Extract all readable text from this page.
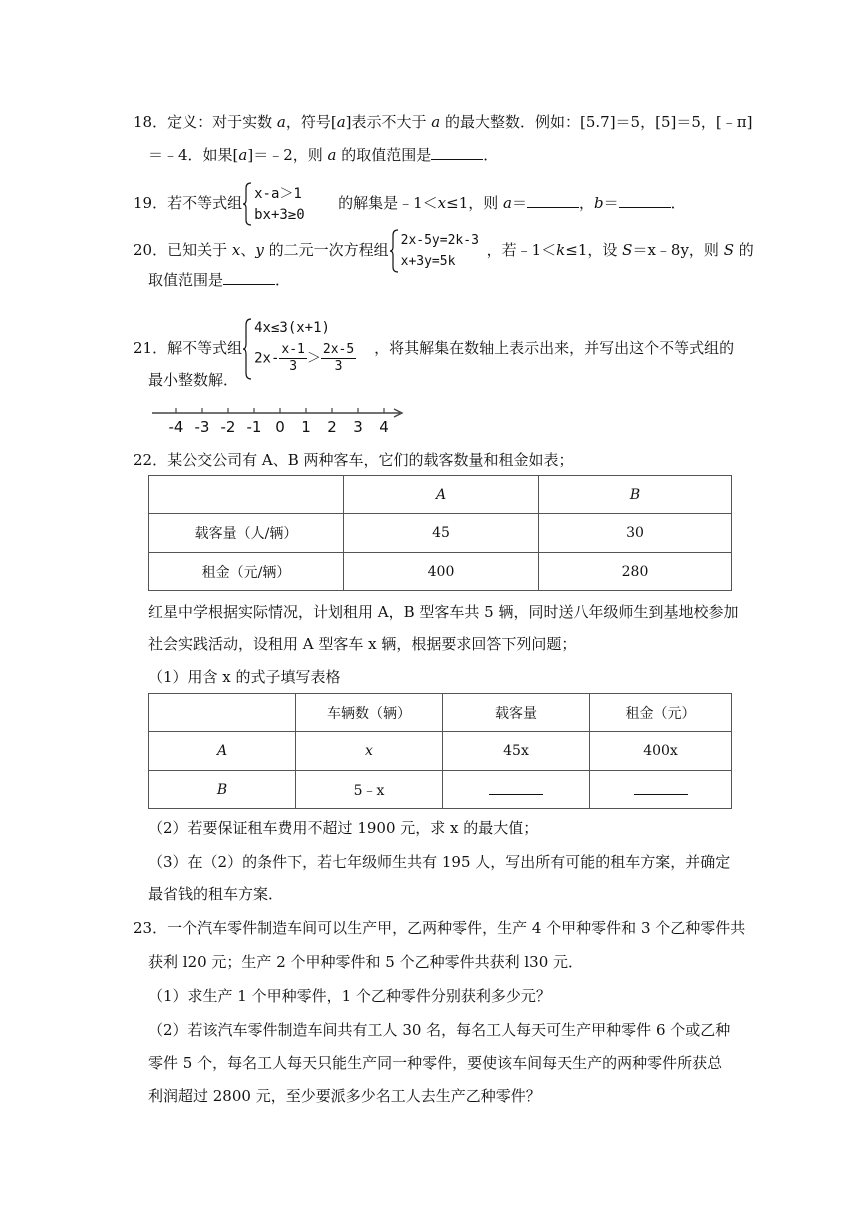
18．定义：对于实数 a，符号[a]表示不大于 a 的最大整数．例如：[5.7]＝5，[5]＝5，[﹣π]
＝﹣4．如果[a]＝﹣2，则 a 的取值范围是	．
19．若不等式组 x-a＞1
bx+3≥0
的解集是﹣1＜x≤1，则 a＝	，b＝	．
20．已知关于 x、y 的二元一次方程组
2x-5y=2k-3
x+3y=5k
，若﹣1＜k≤1，设 S＝x﹣8y，则 S 的
取值范围是	．
21．解不等式组
4x≤3(x+1)
$2x- \frac{x-1}{3} > \frac{2x-5}{3}$ ，将其解集在数轴上表示出来，并写出这个不等式组的
最小整数解．
-4 -3 -2 -1 0 1 2 3 4
22．某公交公司有 A、B 两种客车，它们的载客数量和租金如表；
	A	B
载客量（人/辆）	45	30
租金（元/辆）	400	280
红星中学根据实际情况，计划租用 A，B 型客车共 5 辆，同时送八年级师生到基地校参加
社会实践活动，设租用 A 型客车 x 辆，根据要求回答下列问题；
（1）用含 x 的式子填写表格
	车辆数（辆）	载客量	租金（元）
A	x	45x	400x
B	5﹣x		
（2）若要保证租车费用不超过 1900 元，求 x 的最大值；
（3）在（2）的条件下，若七年级师生共有 195 人，写出所有可能的租车方案，并确定
最省钱的租车方案．
23．一个汽车零件制造车间可以生产甲，乙两种零件，生产 4 个甲种零件和 3 个乙种零件共
获利 l20 元；生产 2 个甲种零件和 5 个乙种零件共获利 l30 元．
（1）求生产 1 个甲种零件，1 个乙种零件分别获利多少元？
（2）若该汽车零件制造车间共有工人 30 名，每名工人每天可生产甲种零件 6 个或乙种
零件 5 个，每名工人每天只能生产同一种零件，要使该车间每天生产的两种零件所获总
利润超过 2800 元，至少要派多少名工人去生产乙种零件？
